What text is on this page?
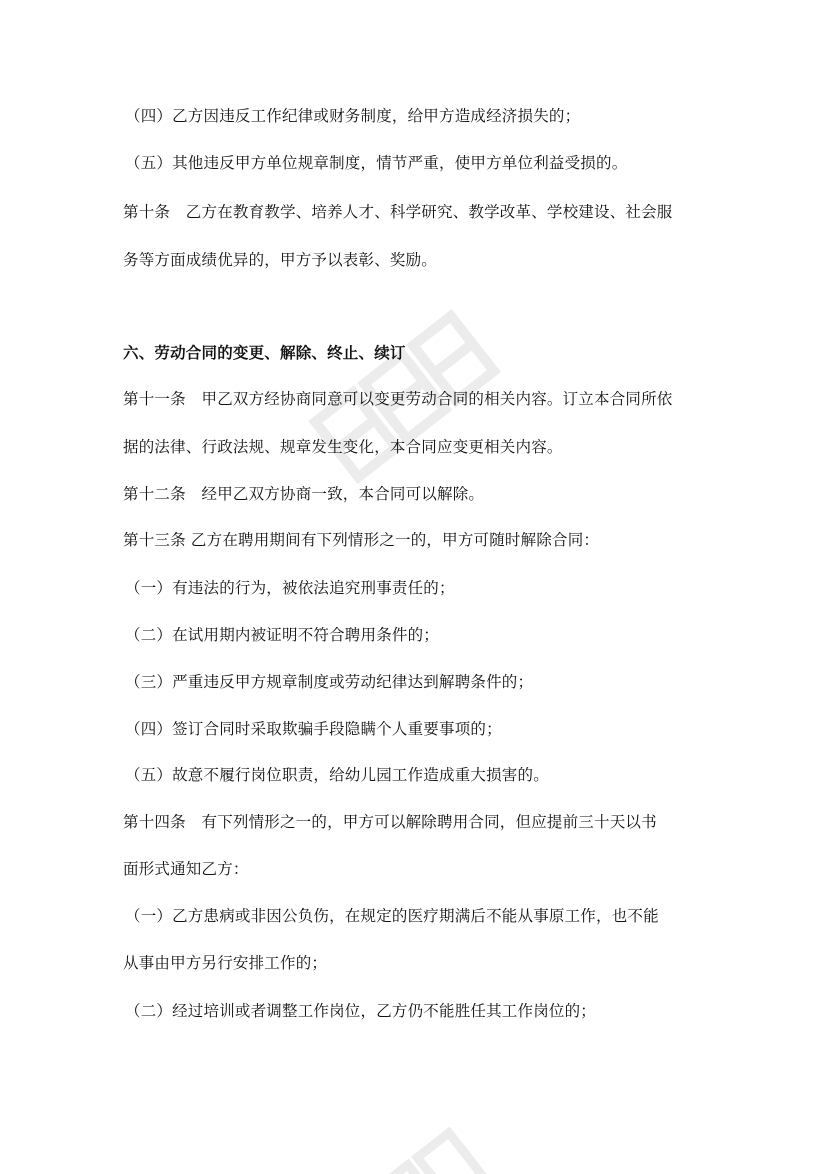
（四）乙方因违反工作纪律或财务制度，给甲方造成经济损失的；
（五）其他违反甲方单位规章制度，情节严重，使甲方单位利益受损的。
第十条　乙方在教育教学、培养人才、科学研究、教学改革、学校建设、社会服
务等方面成绩优异的，甲方予以表彰、奖励。
六、劳动合同的变更、解除、终止、续订
第十一条　甲乙双方经协商同意可以变更劳动合同的相关内容。订立本合同所依
据的法律、行政法规、规章发生变化，本合同应变更相关内容。
第十二条　经甲乙双方协商一致，本合同可以解除。
第十三条 乙方在聘用期间有下列情形之一的，甲方可随时解除合同：
（一）有违法的行为，被依法追究刑事责任的；
（二）在试用期内被证明不符合聘用条件的；
（三）严重违反甲方规章制度或劳动纪律达到解聘条件的；
（四）签订合同时采取欺骗手段隐瞒个人重要事项的；
（五）故意不履行岗位职责，给幼儿园工作造成重大损害的。
第十四条　有下列情形之一的，甲方可以解除聘用合同，但应提前三十天以书
面形式通知乙方：
（一）乙方患病或非因公负伤，在规定的医疗期满后不能从事原工作，也不能
从事由甲方另行安排工作的；
（二）经过培训或者调整工作岗位，乙方仍不能胜任其工作岗位的；
